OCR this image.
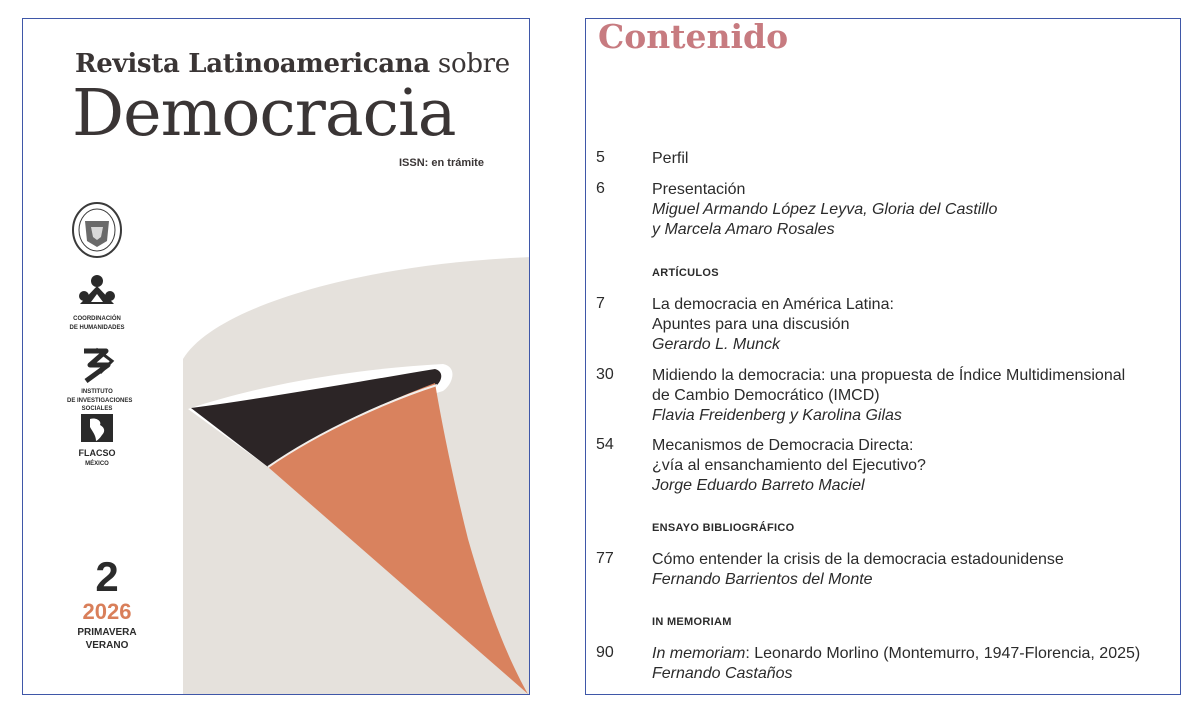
Revista Latinoamericana sobre
Democracia
ISSN: en trámite
COORDINACIÓN
DE HUMANIDADES
INSTITUTO
DE INVESTIGACIONES
SOCIALES
FLACSO
MÉXICO
2
2026
PRIMAVERA
VERANO
Contenido
5	Perfil
6	Presentación
Miguel Armando López Leyva, Gloria del Castillo
y Marcela Amaro Rosales
ARTÍCULOS
7	La democracia en América Latina:
Apuntes para una discusión
Gerardo L. Munck
30 Midiendo la democracia: una propuesta de Índice Multidimensional
de Cambio Democrático (IMCD)
Flavia Freidenberg y Karolina Gilas
54 Mecanismos de Democracia Directa:
¿vía al ensanchamiento del Ejecutivo?
Jorge Eduardo Barreto Maciel
ENSAYO BIBLIOGRÁFICO
77 Cómo entender la crisis de la democracia estadounidense
Fernando Barrientos del Monte
IN MEMORIAM
90 In memoriam: Leonardo Morlino (Montemurro, 1947-Florencia, 2025)
Fernando Castaños
